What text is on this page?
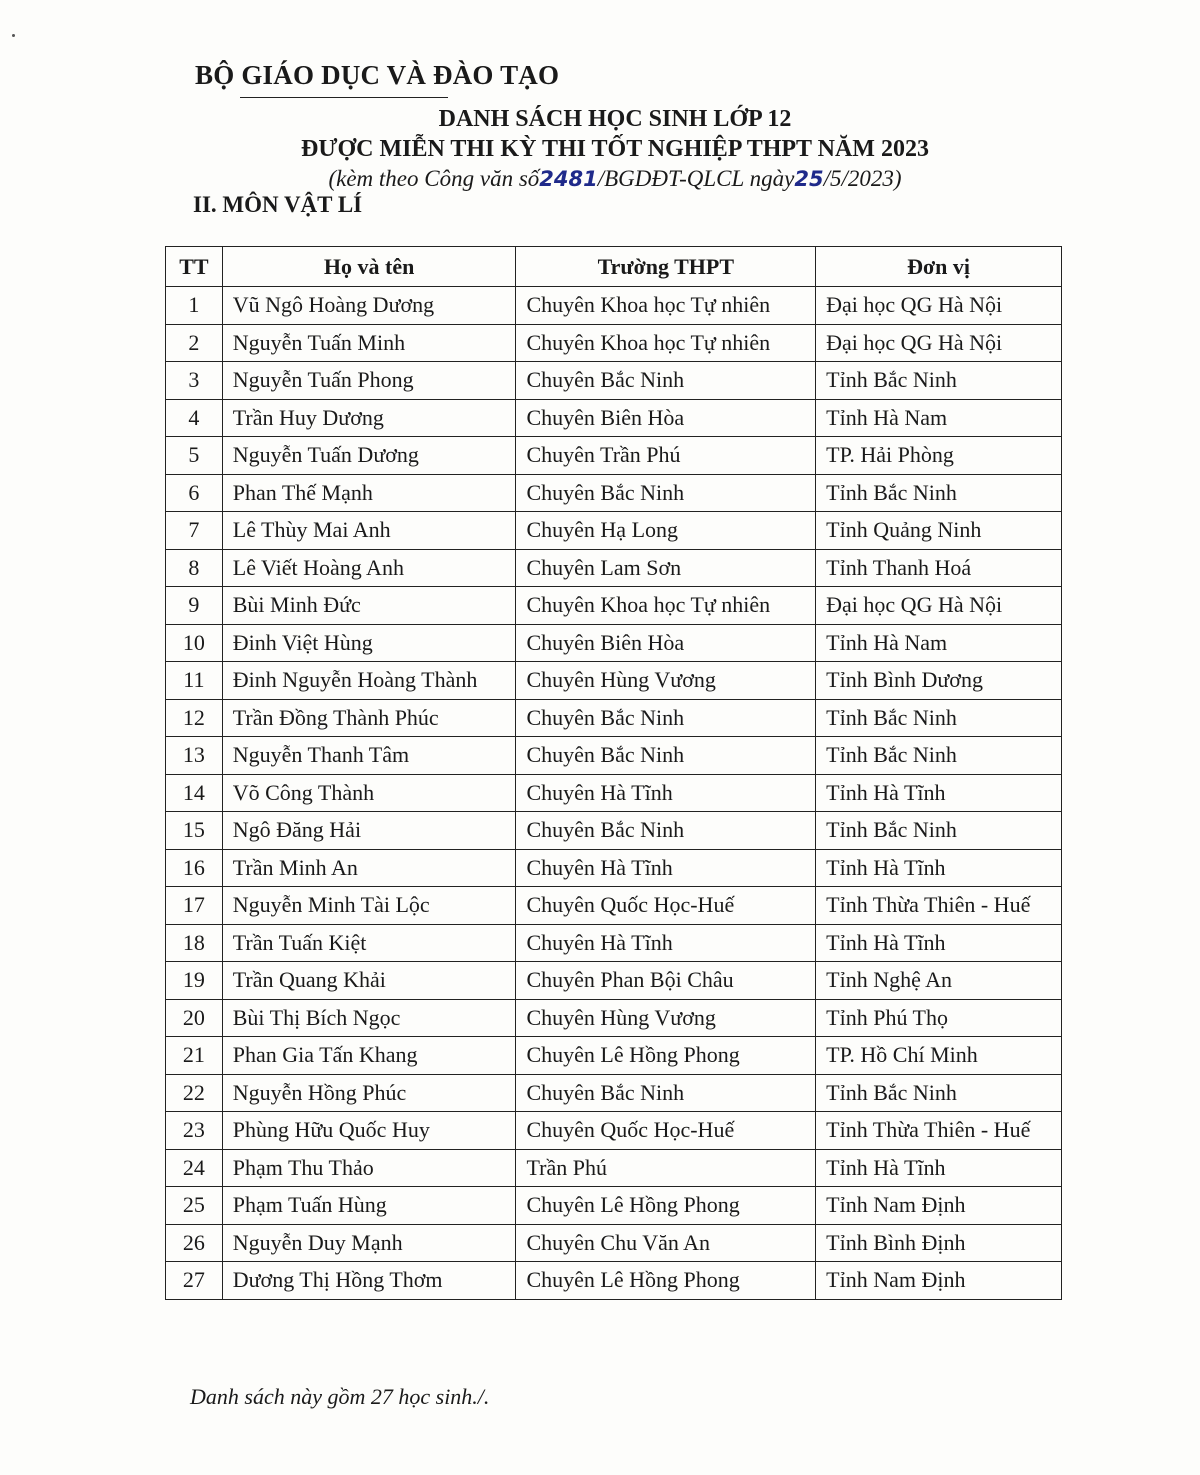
BỘ GIÁO DỤC VÀ ĐÀO TẠO
DANH SÁCH HỌC SINH LỚP 12
ĐƯỢC MIỄN THI KỲ THI TỐT NGHIỆP THPT NĂM 2023
(kèm theo Công văn số2481/BGDĐT-QLCL ngày25/5/2023)
II. MÔN VẬT LÍ
TT	Họ và tên	Trường THPT	Đơn vị
1	Vũ Ngô Hoàng Dương	Chuyên Khoa học Tự nhiên	Đại học QG Hà Nội
2	Nguyễn Tuấn Minh	Chuyên Khoa học Tự nhiên	Đại học QG Hà Nội
3	Nguyễn Tuấn Phong	Chuyên Bắc Ninh	Tỉnh Bắc Ninh
4	Trần Huy Dương	Chuyên Biên Hòa	Tỉnh Hà Nam
5	Nguyễn Tuấn Dương	Chuyên Trần Phú	TP. Hải Phòng
6	Phan Thế Mạnh	Chuyên Bắc Ninh	Tỉnh Bắc Ninh
7	Lê Thùy Mai Anh	Chuyên Hạ Long	Tỉnh Quảng Ninh
8	Lê Viết Hoàng Anh	Chuyên Lam Sơn	Tỉnh Thanh Hoá
9	Bùi Minh Đức	Chuyên Khoa học Tự nhiên	Đại học QG Hà Nội
10	Đinh Việt Hùng	Chuyên Biên Hòa	Tỉnh Hà Nam
11	Đinh Nguyễn Hoàng Thành	Chuyên Hùng Vương	Tỉnh Bình Dương
12	Trần Đồng Thành Phúc	Chuyên Bắc Ninh	Tỉnh Bắc Ninh
13	Nguyễn Thanh Tâm	Chuyên Bắc Ninh	Tỉnh Bắc Ninh
14	Võ Công Thành	Chuyên Hà Tĩnh	Tỉnh Hà Tĩnh
15	Ngô Đăng Hải	Chuyên Bắc Ninh	Tỉnh Bắc Ninh
16	Trần Minh An	Chuyên Hà Tĩnh	Tỉnh Hà Tĩnh
17	Nguyễn Minh Tài Lộc	Chuyên Quốc Học-Huế	Tỉnh Thừa Thiên - Huế
18	Trần Tuấn Kiệt	Chuyên Hà Tĩnh	Tỉnh Hà Tĩnh
19	Trần Quang Khải	Chuyên Phan Bội Châu	Tỉnh Nghệ An
20	Bùi Thị Bích Ngọc	Chuyên Hùng Vương	Tỉnh Phú Thọ
21	Phan Gia Tấn Khang	Chuyên Lê Hồng Phong	TP. Hồ Chí Minh
22	Nguyễn Hồng Phúc	Chuyên Bắc Ninh	Tỉnh Bắc Ninh
23	Phùng Hữu Quốc Huy	Chuyên Quốc Học-Huế	Tỉnh Thừa Thiên - Huế
24	Phạm Thu Thảo	Trần Phú	Tỉnh Hà Tĩnh
25	Phạm Tuấn Hùng	Chuyên Lê Hồng Phong	Tỉnh Nam Định
26	Nguyễn Duy Mạnh	Chuyên Chu Văn An	Tỉnh Bình Định
27	Dương Thị Hồng Thơm	Chuyên Lê Hồng Phong	Tỉnh Nam Định
Danh sách này gồm 27 học sinh./.
